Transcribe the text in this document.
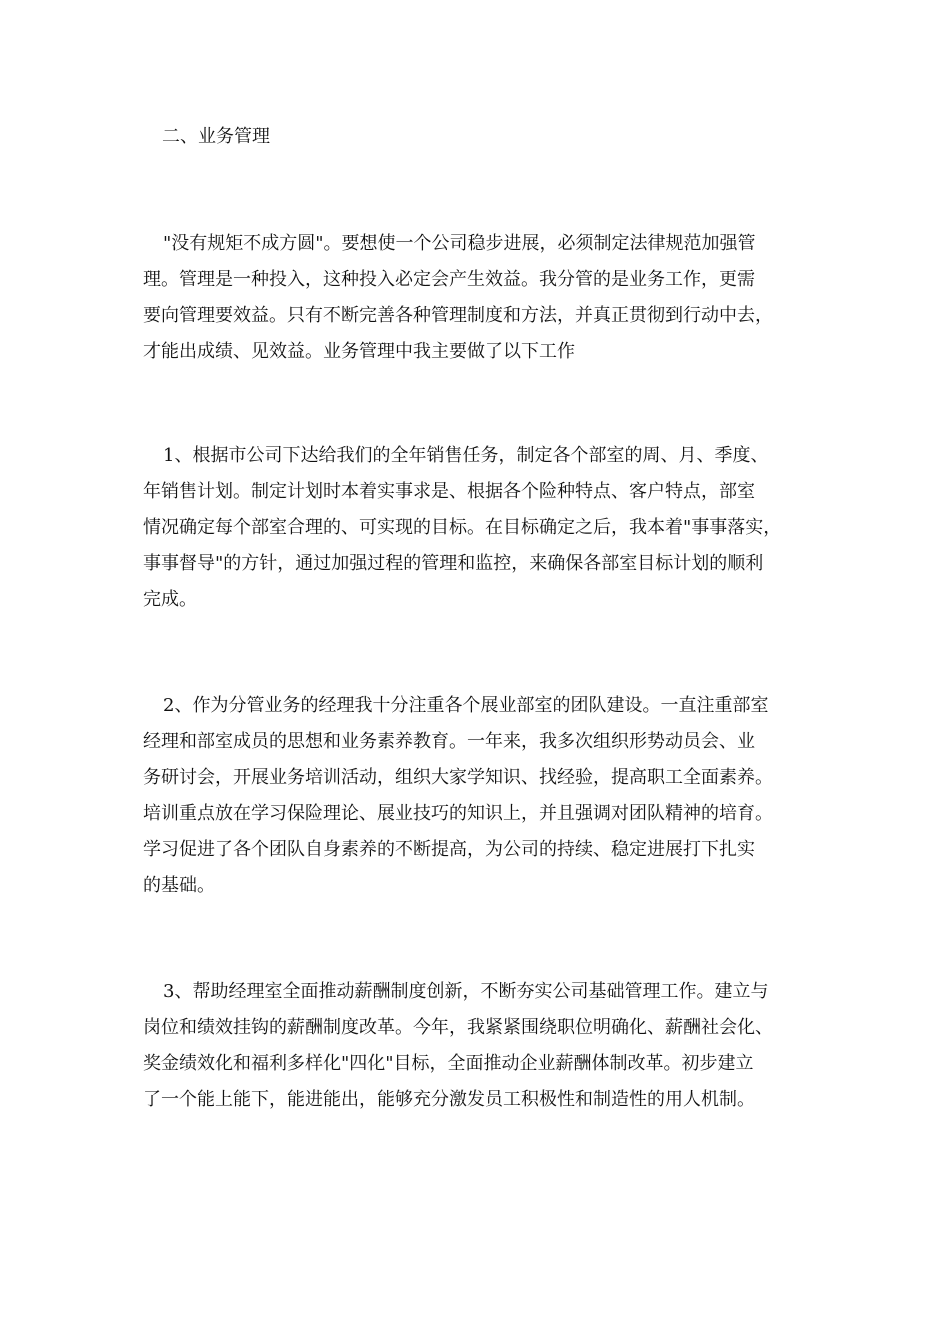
二、业务管理
"没有规矩不成方圆"。要想使一个公司稳步进展，必须制定法律规范加强管
理。管理是一种投入，这种投入必定会产生效益。我分管的是业务工作，更需
要向管理要效益。只有不断完善各种管理制度和方法，并真正贯彻到行动中去，
才能出成绩、见效益。业务管理中我主要做了以下工作
1、根据市公司下达给我们的全年销售任务，制定各个部室的周、月、季度、
年销售计划。制定计划时本着实事求是、根据各个险种特点、客户特点，部室
情况确定每个部室合理的、可实现的目标。在目标确定之后，我本着"事事落实，
事事督导"的方针，通过加强过程的管理和监控，来确保各部室目标计划的顺利
完成。
2、作为分管业务的经理我十分注重各个展业部室的团队建设。一直注重部室
经理和部室成员的思想和业务素养教育。一年来，我多次组织形势动员会、业
务研讨会，开展业务培训活动，组织大家学知识、找经验，提高职工全面素养。
培训重点放在学习保险理论、展业技巧的知识上，并且强调对团队精神的培育。
学习促进了各个团队自身素养的不断提高，为公司的持续、稳定进展打下扎实
的基础。
3、帮助经理室全面推动薪酬制度创新，不断夯实公司基础管理工作。建立与
岗位和绩效挂钩的薪酬制度改革。今年，我紧紧围绕职位明确化、薪酬社会化、
奖金绩效化和福利多样化"四化"目标，全面推动企业薪酬体制改革。初步建立
了一个能上能下，能进能出，能够充分激发员工积极性和制造性的用人机制。
